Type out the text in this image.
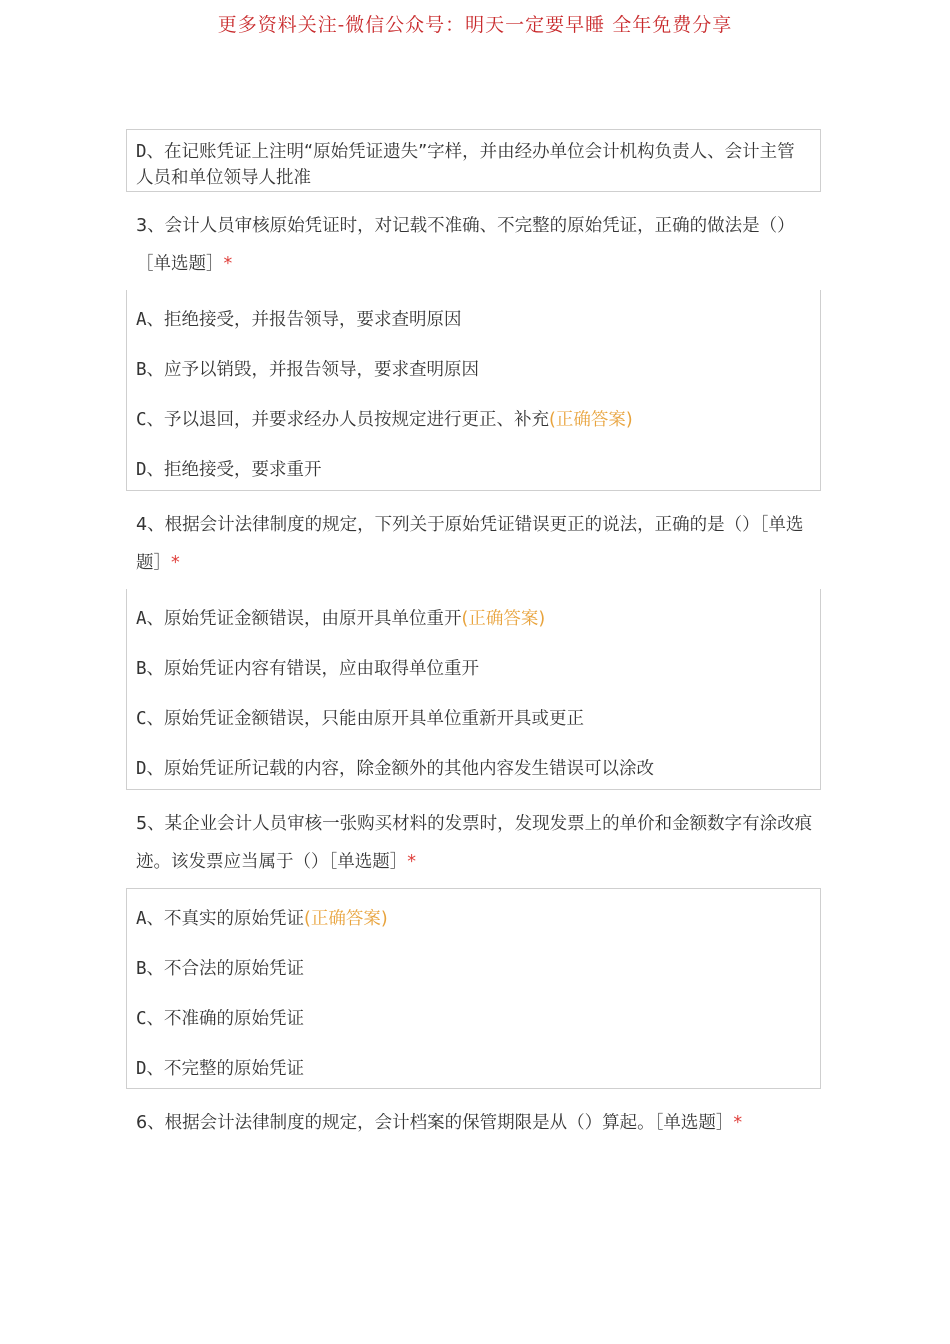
更多资料关注-微信公众号：明天一定要早睡 全年免费分享
D、在记账凭证上注明“原始凭证遗失”字样，并由经办单位会计机构负责人、会计主管人员和单位领导人批准
3、会计人员审核原始凭证时，对记载不准确、不完整的原始凭证，正确的做法是（）［单选题］*
A、拒绝接受，并报告领导，要求查明原因
B、应予以销毁，并报告领导，要求查明原因
C、予以退回，并要求经办人员按规定进行更正、补充(正确答案)
D、拒绝接受，要求重开
4、根据会计法律制度的规定，下列关于原始凭证错误更正的说法，正确的是（）［单选题］*
A、原始凭证金额错误，由原开具单位重开(正确答案)
B、原始凭证内容有错误，应由取得单位重开
C、原始凭证金额错误，只能由原开具单位重新开具或更正
D、原始凭证所记载的内容，除金额外的其他内容发生错误可以涂改
5、某企业会计人员审核一张购买材料的发票时，发现发票上的单价和金额数字有涂改痕迹。该发票应当属于（）［单选题］*
A、不真实的原始凭证(正确答案)
B、不合法的原始凭证
C、不准确的原始凭证
D、不完整的原始凭证
6、根据会计法律制度的规定，会计档案的保管期限是从（）算起。［单选题］*
